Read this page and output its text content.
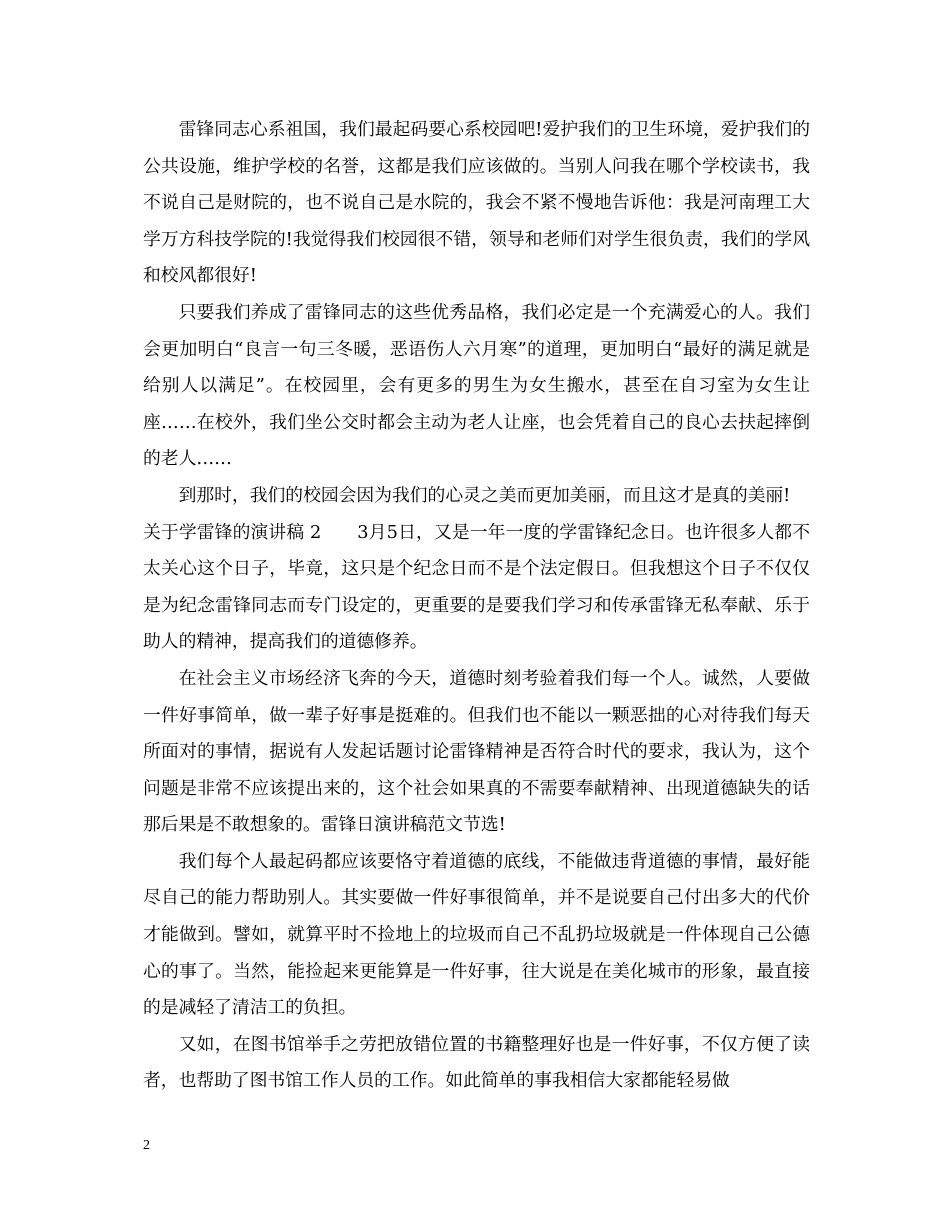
雷锋同志心系祖国，我们最起码要心系校园吧!爱护我们的卫生环境，爱护我们的公共设施，维护学校的名誉，这都是我们应该做的。当别人问我在哪个学校读书，我不说自己是财院的，也不说自己是水院的，我会不紧不慢地告诉他：我是河南理工大学万方科技学院的!我觉得我们校园很不错，领导和老师们对学生很负责，我们的学风和校风都很好!

只要我们养成了雷锋同志的这些优秀品格，我们必定是一个充满爱心的人。我们会更加明白“良言一句三冬暖，恶语伤人六月寒”的道理，更加明白“最好的满足就是给别人以满足”。在校园里，会有更多的男生为女生搬水，甚至在自习室为女生让座……在校外，我们坐公交时都会主动为老人让座，也会凭着自己的良心去扶起摔倒的老人……

到那时，我们的校园会因为我们的心灵之美而更加美丽，而且这才是真的美丽!

关于学雷锋的演讲稿 2　　3月5日，又是一年一度的学雷锋纪念日。也许很多人都不太关心这个日子，毕竟，这只是个纪念日而不是个法定假日。但我想这个日子不仅仅是为纪念雷锋同志而专门设定的，更重要的是要我们学习和传承雷锋无私奉献、乐于助人的精神，提高我们的道德修养。

在社会主义市场经济飞奔的今天，道德时刻考验着我们每一个人。诚然，人要做一件好事简单，做一辈子好事是挺难的。但我们也不能以一颗恶拙的心对待我们每天所面对的事情，据说有人发起话题讨论雷锋精神是否符合时代的要求，我认为，这个问题是非常不应该提出来的，这个社会如果真的不需要奉献精神、出现道德缺失的话那后果是不敢想象的。雷锋日演讲稿范文节选!

我们每个人最起码都应该要恪守着道德的底线，不能做违背道德的事情，最好能尽自己的能力帮助别人。其实要做一件好事很简单，并不是说要自己付出多大的代价才能做到。譬如，就算平时不捡地上的垃圾而自己不乱扔垃圾就是一件体现自己公德心的事了。当然，能捡起来更能算是一件好事，往大说是在美化城市的形象，最直接的是减轻了清洁工的负担。

又如，在图书馆举手之劳把放错位置的书籍整理好也是一件好事，不仅方便了读者，也帮助了图书馆工作人员的工作。如此简单的事我相信大家都能轻易做

2
